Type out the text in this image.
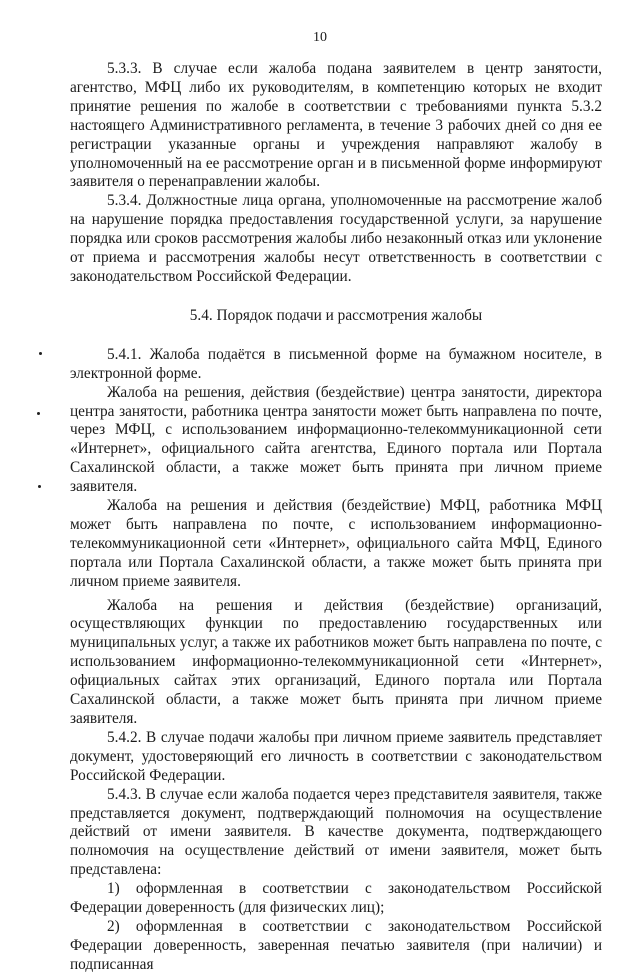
10

5.3.3. В случае если жалоба подана заявителем в центр занятости, агентство, МФЦ либо их руководителям, в компетенцию которых не входит принятие решения по жалобе в соответствии с требованиями пункта 5.3.2 настоящего Административного регламента, в течение 3 рабочих дней со дня ее регистрации указанные органы и учреждения направляют жалобу в уполномоченный на ее рассмотрение орган и в письменной форме информируют заявителя о перенаправлении жалобы.

5.3.4. Должностные лица органа, уполномоченные на рассмотрение жалоб на нарушение порядка предоставления государственной услуги, за нарушение порядка или сроков рассмотрения жалобы либо незаконный отказ или уклонение от приема и рассмотрения жалобы несут ответственность в соответствии с законодательством Российской Федерации.

5.4. Порядок подачи и рассмотрения жалобы

5.4.1. Жалоба подаётся в письменной форме на бумажном носителе, в электронной форме.

Жалоба на решения, действия (бездействие) центра занятости, директора центра занятости, работника центра занятости может быть направлена по почте, через МФЦ, с использованием информационно-телекоммуникационной сети «Интернет», официального сайта агентства, Единого портала или Портала Сахалинской области, а также может быть принята при личном приеме заявителя.

Жалоба на решения и действия (бездействие) МФЦ, работника МФЦ может быть направлена по почте, с использованием информационно-телекоммуникационной сети «Интернет», официального сайта МФЦ, Единого портала или Портала Сахалинской области, а также может быть принята при личном приеме заявителя.

Жалоба на решения и действия (бездействие) организаций, осуществляющих функции по предоставлению государственных или муниципальных услуг, а также их работников может быть направлена по почте, с использованием информационно-телекоммуникационной сети «Интернет», официальных сайтах этих организаций, Единого портала или Портала Сахалинской области, а также может быть принята при личном приеме заявителя.

5.4.2. В случае подачи жалобы при личном приеме заявитель представляет документ, удостоверяющий его личность в соответствии с законодательством Российской Федерации.

5.4.3. В случае если жалоба подается через представителя заявителя, также представляется документ, подтверждающий полномочия на осуществление действий от имени заявителя. В качестве документа, подтверждающего полномочия на осуществление действий от имени заявителя, может быть представлена:

1) оформленная в соответствии с законодательством Российской Федерации доверенность (для физических лиц);

2) оформленная в соответствии с законодательством Российской Федерации доверенность, заверенная печатью заявителя (при наличии) и подписанная
